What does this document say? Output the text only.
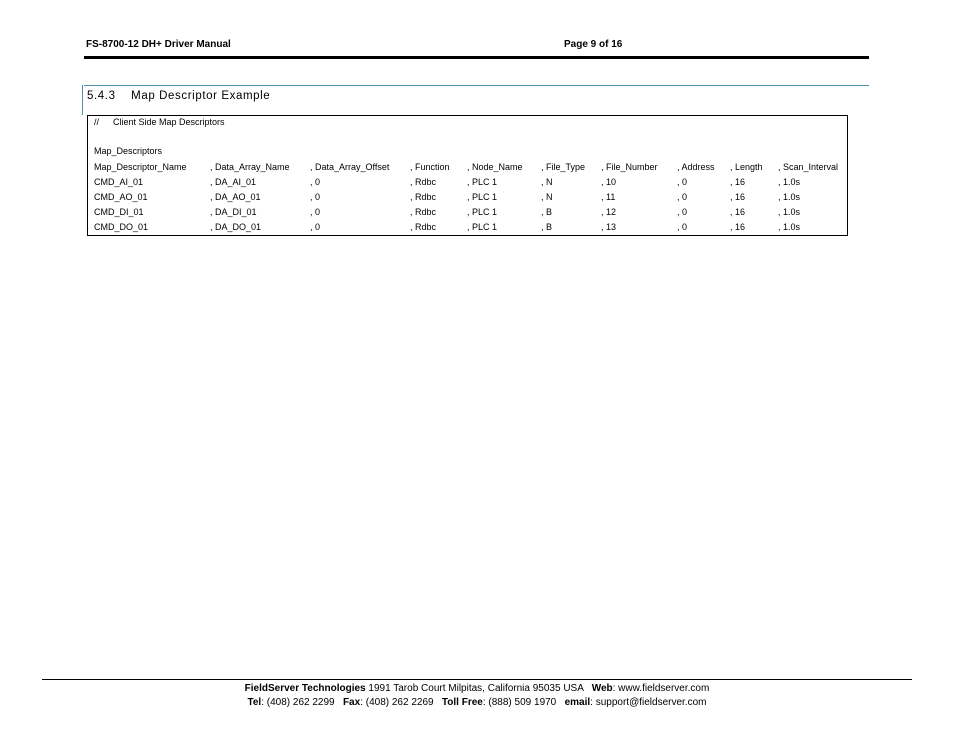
FS-8700-12 DH+ Driver Manual	Page 9 of 16
5.4.3 Map Descriptor Example
// Client Side Map Descriptors
Map_Descriptors
Map_Descriptor_Name	, Data_Array_Name , Data_Array_Offset , Function , Node_Name , File_Type , File_Number , Address , Length , Scan_Interval
CMD_AI_01	, DA_AI_01	, 0	, Rdbc	, PLC 1	, N	, 10	, 0	, 16	, 1.0s
CMD_AO_01	, DA_AO_01	, 0	, Rdbc	, PLC 1	, N	, 11	, 0	, 16	, 1.0s
CMD_DI_01	, DA_DI_01	, 0	, Rdbc	, PLC 1	, B	, 12	, 0	, 16	, 1.0s
CMD_DO_01	, DA_DO_01	, 0	, Rdbc	, PLC 1	, B	, 13	, 0	, 16	, 1.0s
FieldServer Technologies 1991 Tarob Court Milpitas, California 95035 USA   Web: www.fieldserver.com
Tel: (408) 262 2299   Fax: (408) 262 2269   Toll Free: (888) 509 1970   email: support@fieldserver.com
